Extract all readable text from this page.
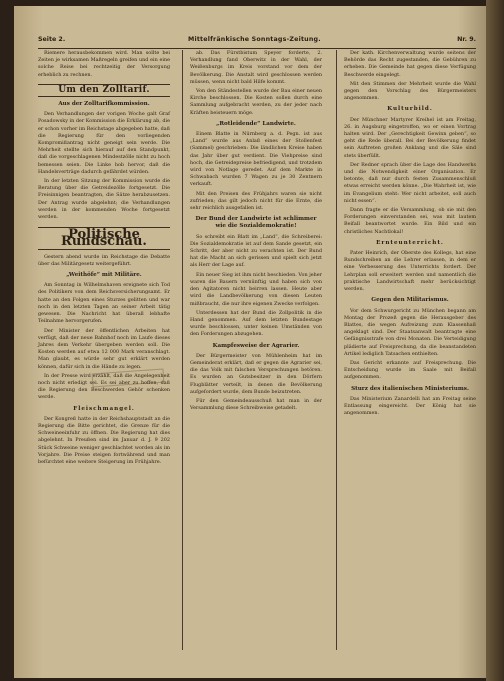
Seite 2.	Mittelfränkische Sonntags-Zeitung.	Nr. 9.

Riemere herausbekommen wird. Man sollte bei Zeiten je wirksamen Maßregeln greifen und ein eine solche Reise bei rechtzeitig der Versorgung erheblich zu rechnen.

Um den Zolltarif.
Aus der Zolltarifkommission.

Den Verhandlungen der vorigen Woche galt Graf Posadowsky in der Kommission die Erklärung ab, die er schon vorher im Reichstage abgegeben hatte, daß die Regierung für den vorliegenden Kompromißantrag nicht geneigt sein werde. Die Mehrheit stellte sich hierauf auf den Standpunkt, daß die vorgeschlagenen Mindestzölle nicht zu hoch bemessen seien. Die Linke hob hervor, daß die Handelsverträge dadurch gefährdet würden.

In der letzten Sitzung der Kommission wurde die Beratung über die Getreidezölle fortgesetzt. Die Freisinnigen beantragten, die Sätze herabzusetzen. Der Antrag wurde abgelehnt; die Verhandlungen werden in der kommenden Woche fortgesetzt werden.

Politische Rundschau.

Gestern abend wurde im Reichstage die Debatte über das Militärgesetz weitergeführt.

„Weithöfe“ mit Militäre.

Am Sonntag in Wilhelmshaven ereignete sich Tod des Politikers von dem Reichsversicherungsamt. Er hatte an den Folgen eines Sturzes gelitten und war noch in den letzten Tagen an seiner Arbeit tätig gewesen. Die Nachricht hat überall lebhafte Teilnahme hervorgerufen.

Der Minister der öffentlichen Arbeiten hat verfügt, daß der neue Bahnhof noch im Laufe dieses Jahres dem Verkehr übergeben werden soll. Die Kosten werden auf etwa 12 000 Mark veranschlagt. Man glaubt, es würde sehr gut erklärt werden können, dafür sich in die Hände zu legen.

In der Presse wird erzählt, daß die Angelegenheit noch nicht erledigt sei. Es sei aber zu hoffen, daß die Regierung den Beschwerden Gehör schenken werde.

Fleischmangel.

Der Kongreß hatte in der Reichshauptstadt an die Regierung die Bitte gerichtet, die Grenze für die Schweineeinfuhr zu öffnen. Die Regierung hat dies abgelehnt. In Preußen sind im Januar d. J. 9 202 Stück Schweine weniger geschlachtet worden als im Vorjahre. Die Preise steigen fortwährend und man befürchtet eine weitere Steigerung im Frühjahre.

ab. Das Fürstbistum Speyer forderte, 2. Verhandlung fand Oberwitz in der Wahl, der Weißenburgs im Kreis vorstand vor dem der Bevölkerung. Die Anstalt wird geschlossen werden müssen, wenn nicht bald Hilfe kommt.

Von den Ständestellen wurde der Bau einer neuen Kirche beschlossen. Die Kosten sollen durch eine Sammlung aufgebracht werden, zu der jeder nach Kräften beisteuern möge.

„Rotleidende“ Landwirte.

Einem Blatte in Nürnberg a. d. Pegn. ist aus „Land“ wurde aus Anlaß eines der Stollenfest (Sammel) geschrieben: Die ländlichen Kreise haben das Jahr über gut verdient. Die Viehpreise sind hoch, die Getreidepreise befriedigend, und trotzdem wird von Notlage geredet. Auf dem Markte in Schwabach wurden 7 Wagen zu je 30 Zentnern verkauft.

Mit den Preisen des Frühjahrs waren sie nicht zufrieden; das gilt jedoch nicht für die Ernte, die sehr reichlich ausgefallen ist.

Der Bund der Landwirte ist schlimmer wie die Sozialdemokratie!

So schreibt ein Blatt im „Land“, die Schreiberei: Die Sozialdemokratie ist auf dem Sande gesetzt, ein Schritt, der aber nicht zu verachten ist. Der Bund hat die Macht an sich gerissen und spielt sich jetzt als Herr der Lage auf.

Ein neuer Sieg ist ihm nicht beschieden. Von jeher waren die Bauern vernünftig und haben sich von den Agitatoren nicht beirren lassen. Heute aber wird die Landbevölkerung von diesen Leuten mißbraucht, die nur ihre eigenen Zwecke verfolgen.

Unterdessen hat der Bund die Zollpolitik in die Hand genommen. Auf dem letzten Bundestage wurde beschlossen, unter keinen Umständen von den Forderungen abzugehen.

Kampfesweise der Agrarier.

Der Bürgermeister von Mühlenheim hat im Gemeinderat erklärt, daß er gegen die Agrarier sei, die das Volk mit falschen Versprechungen betören. Es wurden an Gutsbesitzer in den Dörfern Flugblätter verteilt, in denen die Bevölkerung aufgefordert wurde, dem Bunde beizutreten.

Für den Gemeindeausschuß hat man in der Versammlung diese Schreibweise getadelt.

Der kath. Kirchenverwaltung wurde seitens der Behörde das Recht zugestanden, die Gebühren zu erheben. Die Gemeinde hat gegen diese Verfügung Beschwerde eingelegt.

Mit den Stimmen der Mehrheit wurde die Wahl gegen den Vorschlag des Bürgermeisters angenommen.

Kulturbild.

Der Münchner Martyrer Kreihel ist am Freitag, 26. in Augsburg eingetroffen, wo er einen Vortrag halten wird. Der „Gerechtigkeit Gewinn geben“, so geht die Rede überall. Bei der Bevölkerung findet sein Auftreten großen Anklang und die Säle sind stets überfüllt.

Der Redner sprach über die Lage des Handwerks und die Notwendigkeit einer Organisation. Er betonte, daß nur durch festen Zusammenschluß etwas erreicht werden könne. „Die Wahrheit ist, wie im Evangelium steht: Wer nicht arbeitet, soll auch nicht essen“.

Dann fragte er die Versammlung, ob sie mit den Forderungen einverstanden sei, was mit lautem Beifall beantwortet wurde. Ein Bild und ein christliches Nachtlokal!

Ernteunterricht.

Pater Heinrich, der Oberste des Kollegs, hat eine Rundschreiben an die Lehrer erlassen, in dem er eine Verbesserung des Unterrichts fordert. Der Lehrplan soll erweitert werden und namentlich die praktische Landwirtschaft mehr berücksichtigt werden.

Gegen den Militarismus.

Vor dem Schwurgericht zu München begann am Montag der Prozeß gegen die Herausgeber des Blattes, die wegen Aufreizung zum Klassenhaß angeklagt sind. Der Staatsanwalt beantragte eine Gefängnisstrafe von drei Monaten. Die Verteidigung plädierte auf Freisprechung, da die beanstandeten Artikel lediglich Tatsachen enthielten.

Das Gericht erkannte auf Freisprechung. Die Entscheidung wurde im Saale mit Beifall aufgenommen.

Sturz des italienischen Ministeriums.

Das Ministerium Zanardelli hat am Freitag seine Entlassung eingereicht. Der König hat sie angenommen.
